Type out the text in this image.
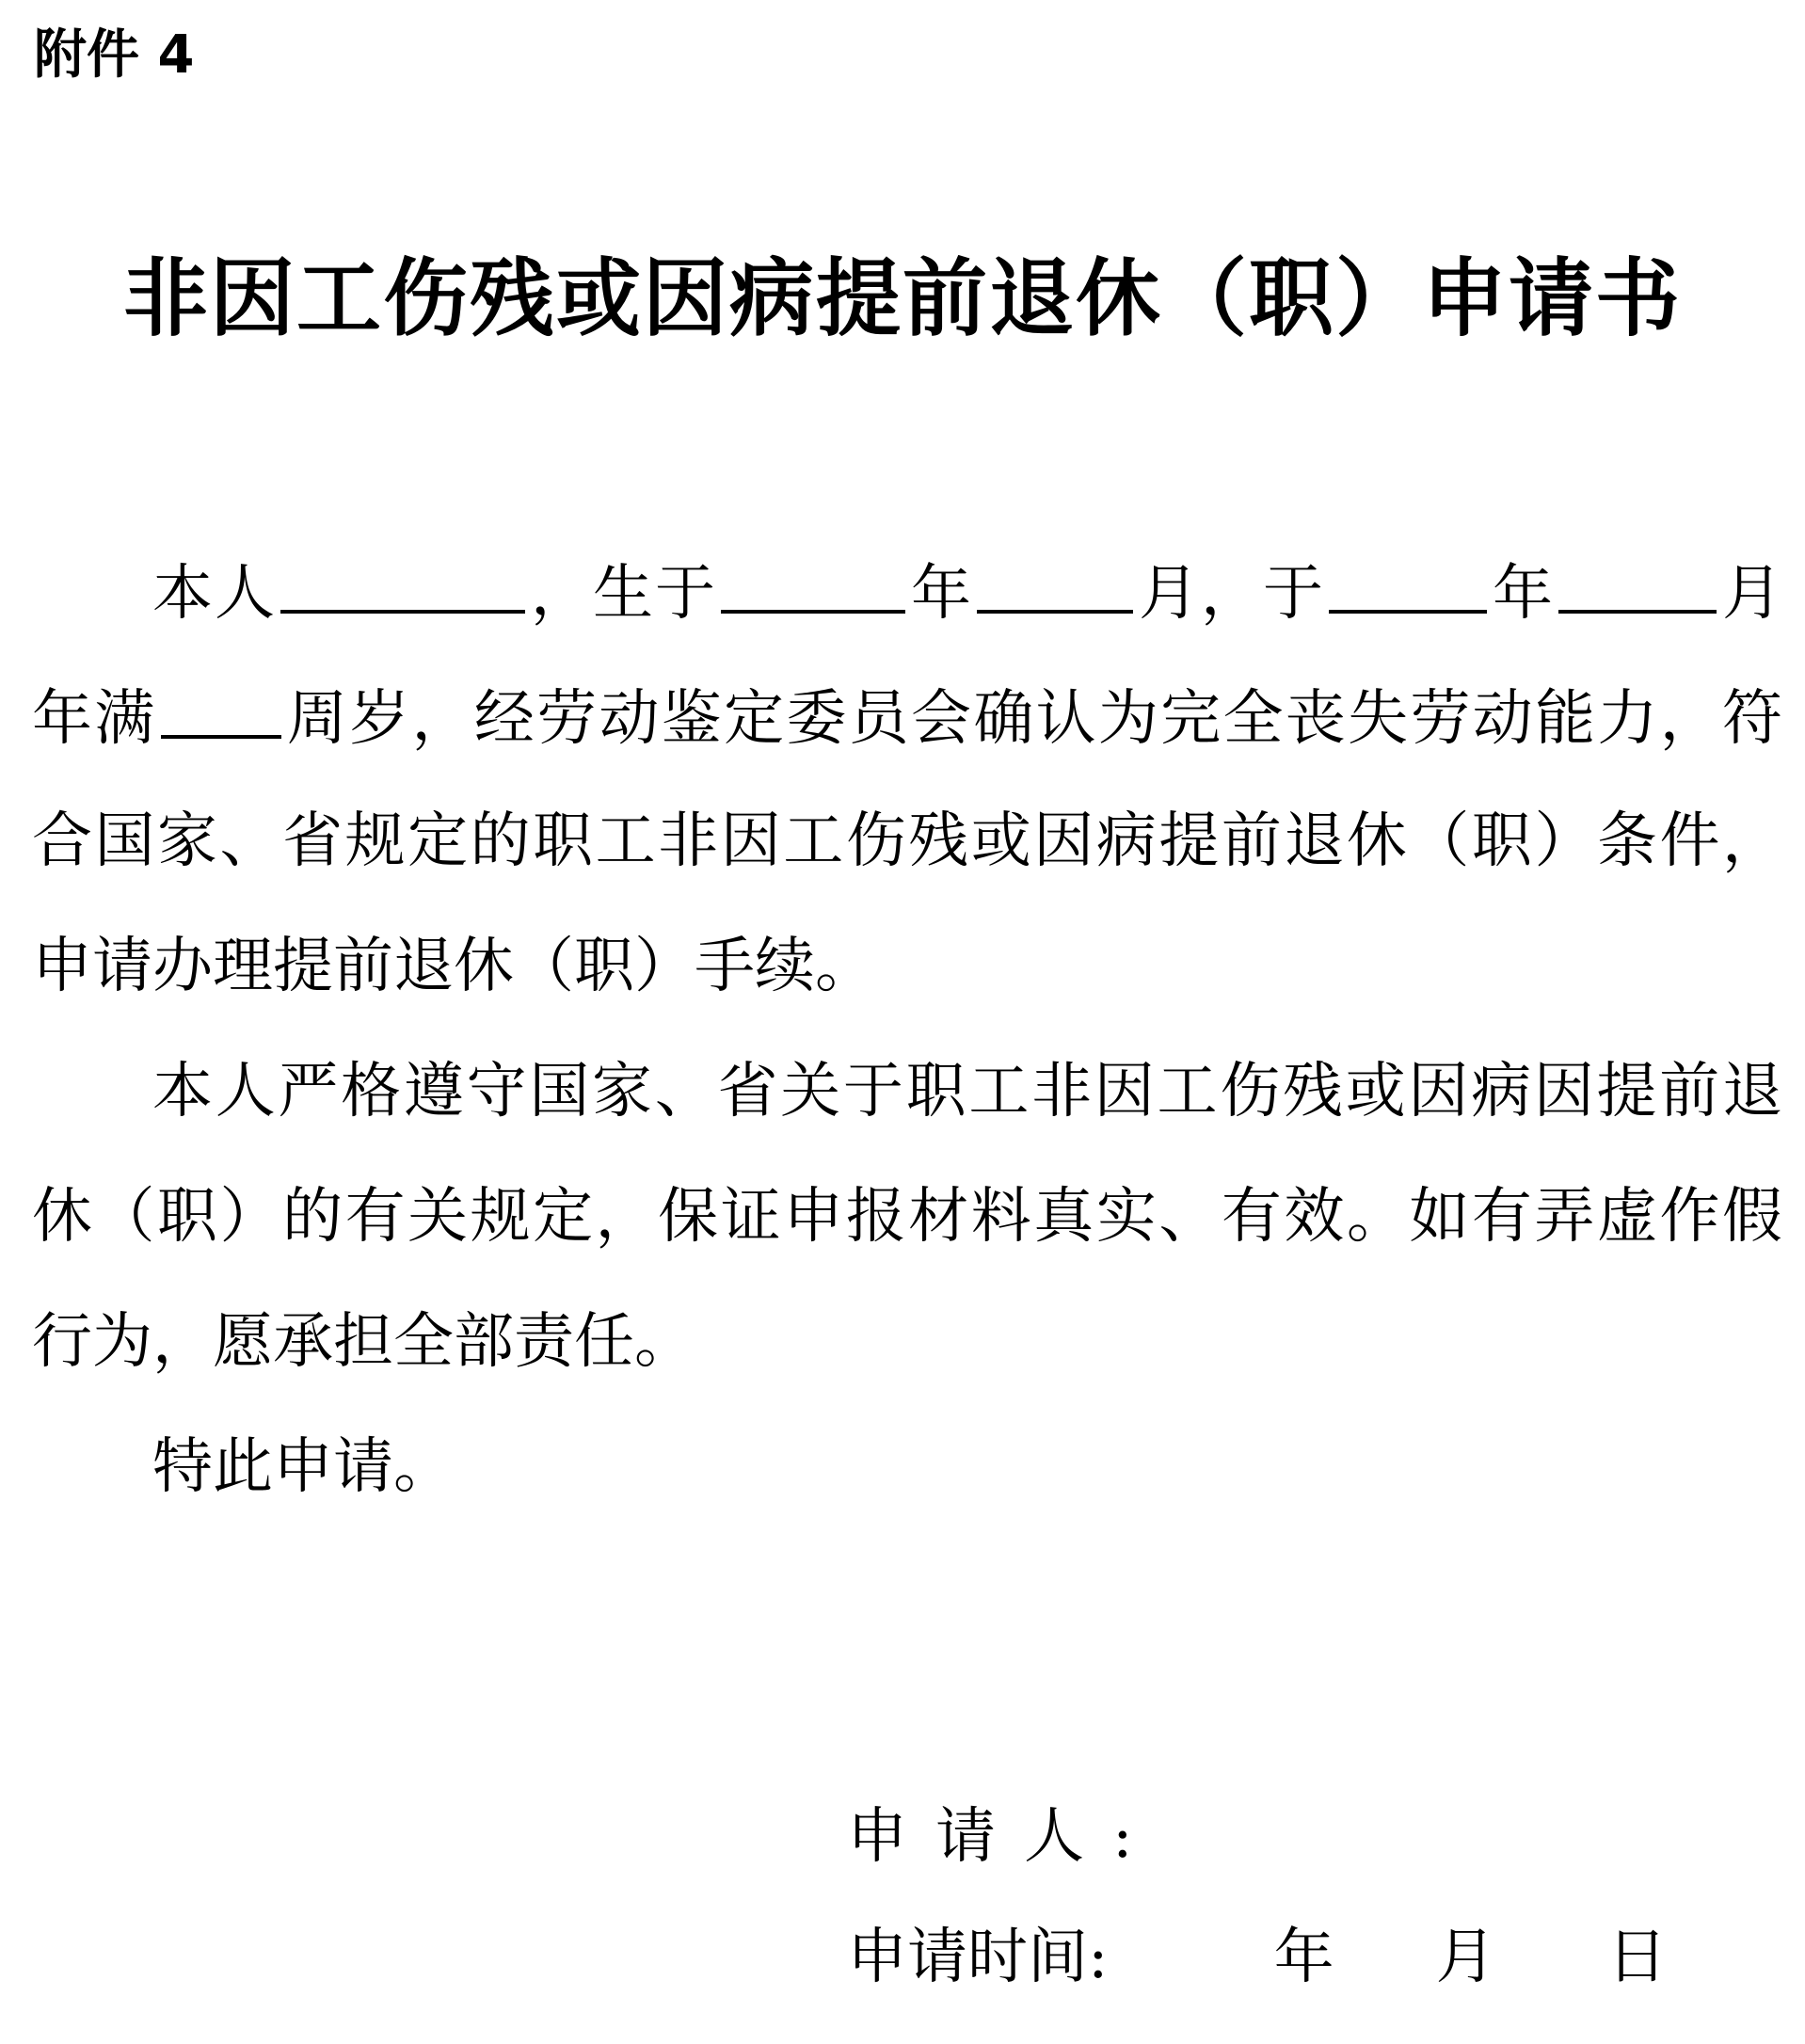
附件 4
非因工伤残或因病提前退休（职）申请书
本人	，生于	年	月，于	年	月
年满 周岁，经劳动鉴定委员会确认为完全丧失劳动能力，符
合国家、省规定的职工非因工伤残或因病提前退休（职）条件，
申请办理提前退休（职）手续。
本人严格遵守国家、省关于职工非因工伤残或因病因提前退
休（职）的有关规定，保证申报材料真实、有效。如有弄虚作假
行为，愿承担全部责任。
特此申请。
申请人:
申请时间:	年 月 日
